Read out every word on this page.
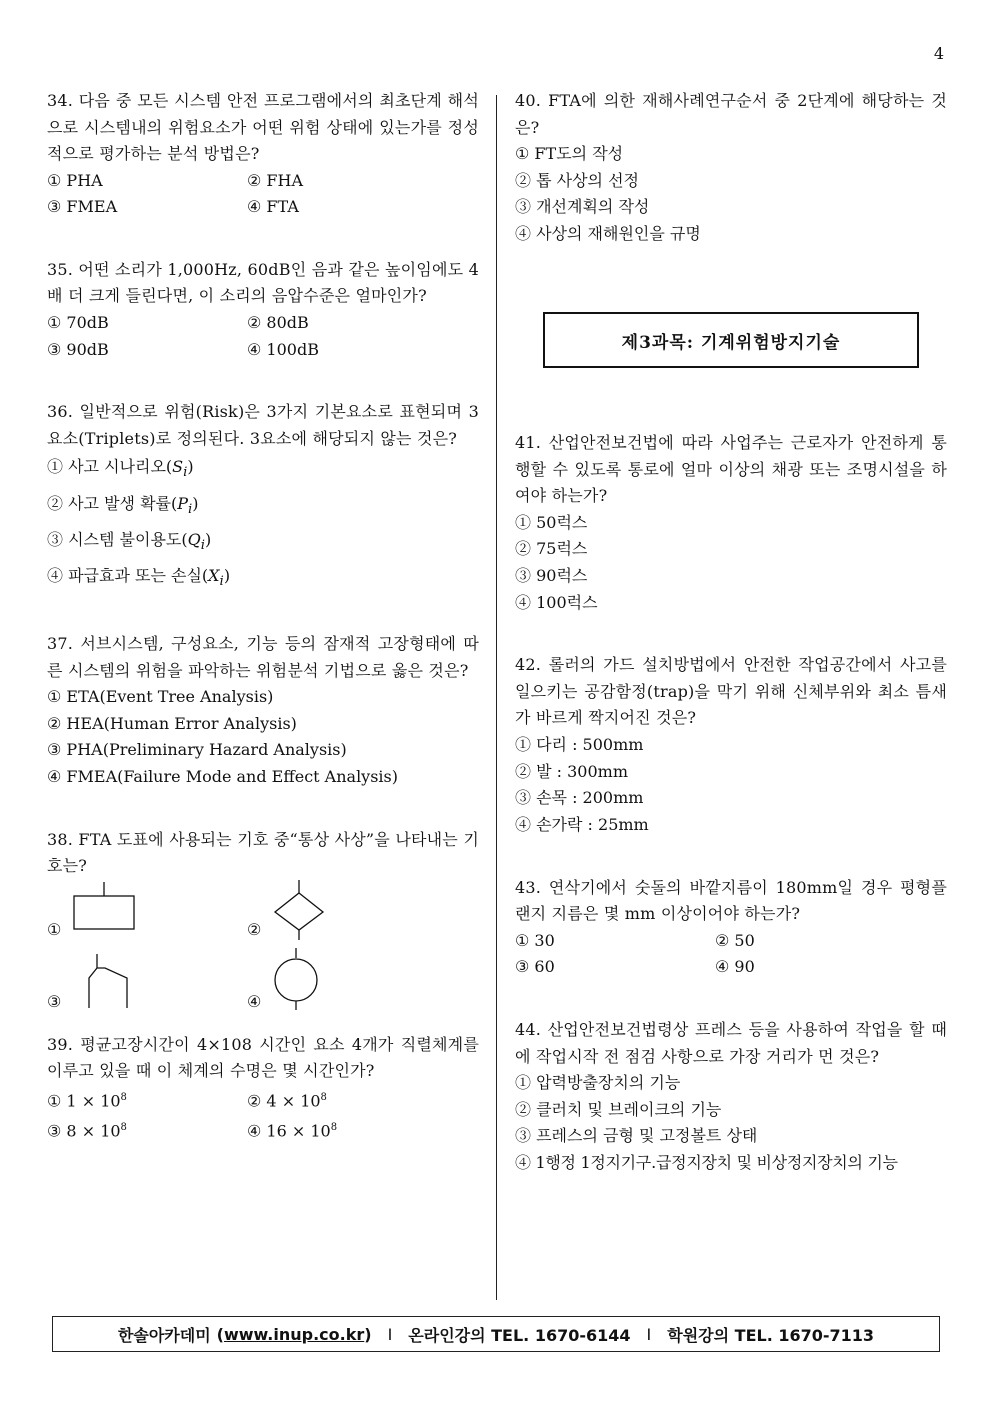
4

34. 다음 중 모든 시스템 안전 프로그램에서의 최초단계 해석으로 시스템내의 위험요소가 어떤 위험 상태에 있는가를 정성적으로 평가하는 분석 방법은?

① PHA	② FHA
③ FMEA	④ FTA

35. 어떤 소리가 1,000Hz, 60dB인 음과 같은 높이임에도 4배 더 크게 들린다면, 이 소리의 음압수준은 얼마인가?

① 70dB	② 80dB
③ 90dB	④ 100dB

36. 일반적으로 위험(Risk)은 3가지 기본요소로 표현되며 3요소(Triplets)로 정의된다. 3요소에 해당되지 않는 것은?

① 사고 시나리오$(S_i)$
② 사고 발생 확률$(P_i)$
③ 시스템 불이용도$(Q_i)$
④ 파급효과 또는 손실$(X_i)$

37. 서브시스템, 구성요소, 기능 등의 잠재적 고장형태에 따른 시스템의 위험을 파악하는 위험분석 기법으로 옳은 것은?

① ETA(Event Tree Analysis)
② HEA(Human Error Analysis)
③ PHA(Preliminary Hazard Analysis)
④ FMEA(Failure Mode and Effect Analysis)

38. FTA 도표에 사용되는 기호 중“통상 사상”을 나타내는 기호는?

①	②
③	④

39. 평균고장시간이 4×108 시간인 요소 4개가 직렬체계를 이루고 있을 때 이 체계의 수명은 몇 시간인가?

① $1 \times 10^8$	② $4 \times 10^8$
③ $8 \times 10^8$	④ $16 \times 10^8$

40. FTA에 의한 재해사례연구순서 중 2단계에 해당하는 것은?

① FT도의 작성
② 톱 사상의 선정
③ 개선계획의 작성
④ 사상의 재해원인을 규명
제3과목: 기계위험방지기술

41. 산업안전보건법에 따라 사업주는 근로자가 안전하게 통행할 수 있도록 통로에 얼마 이상의 채광 또는 조명시설을 하여야 하는가?

① 50럭스
② 75럭스
③ 90럭스
④ 100럭스

42. 롤러의 가드 설치방법에서 안전한 작업공간에서 사고를 일으키는 공감함정(trap)을 막기 위해 신체부위와 최소 틈새가 바르게 짝지어진 것은?

① 다리 : 500mm
② 발 : 300mm
③ 손목 : 200mm
④ 손가락 : 25mm

43. 연삭기에서 숫돌의 바깥지름이 180mm일 경우 평형플랜지 지름은 몇 mm 이상이어야 하는가?

① 30	② 50
③ 60	④ 90

44. 산업안전보건법령상 프레스 등을 사용하여 작업을 할 때에 작업시작 전 점검 사항으로 가장 거리가 먼 것은?

① 압력방출장치의 기능
② 클러치 및 브레이크의 기능
③ 프레스의 금형 및 고정볼트 상태
④ 1행정 1정지기구․급정지장치 및 비상정지장치의 기능
한솔아카데미 (www.inup.co.kr) I 온라인강의 TEL. 1670-6144 I 학원강의 TEL. 1670-7113
